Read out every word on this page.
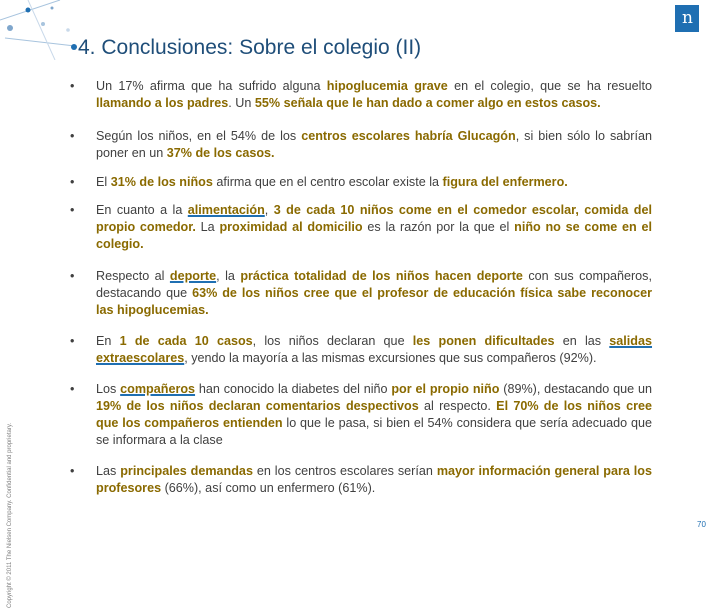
n
4. Conclusiones: Sobre el colegio (II)
Copyright © 2011 The Nielsen Company. Confidential and proprietary.
• Un 17% afirma que ha sufrido alguna hipoglucemia grave en el colegio, que se ha resuelto llamando a los padres. Un 55% señala que le han dado a comer algo en estos casos.
• Según los niños, en el 54% de los centros escolares habría Glucagón, si bien sólo lo sabrían poner en un 37% de los casos.
• El 31% de los niños afirma que en el centro escolar existe la figura del enfermero.
• En cuanto a la alimentación, 3 de cada 10 niños come en el comedor escolar, comida del propio comedor. La proximidad al domicilio es la razón por la que el niño no se come en el colegio.
• Respecto al deporte, la práctica totalidad de los niños hacen deporte con sus compañeros, destacando que 63% de los niños cree que el profesor de educación física sabe reconocer las hipoglucemias.
• En 1 de cada 10 casos, los niños declaran que les ponen dificultades en las salidas extraescolares, yendo la mayoría a las mismas excursiones que sus compañeros (92%).
• Los compañeros han conocido la diabetes del niño por el propio niño (89%), destacando que un 19% de los niños declaran comentarios despectivos al respecto. El 70% de los niños cree que los compañeros entienden lo que le pasa, si bien el 54% considera que sería adecuado que se informara a la clase
• Las principales demandas en los centros escolares serían mayor información general para los profesores (66%), así como un enfermero (61%).
70
